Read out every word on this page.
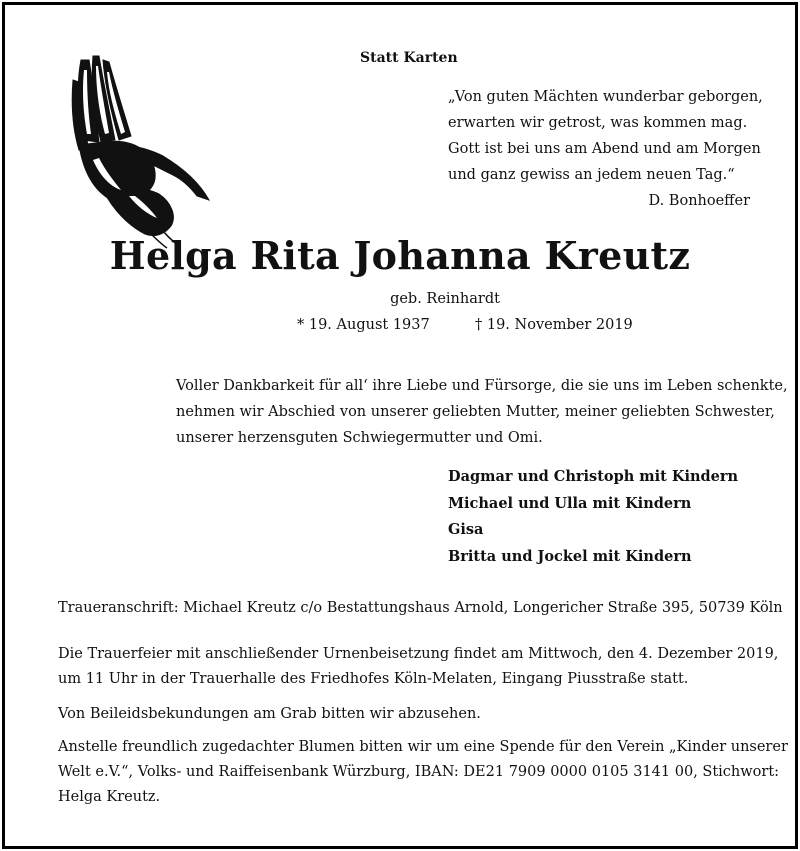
Statt Karten
„Von guten Mächten wunderbar geborgen,
erwarten wir getrost, was kommen mag.
Gott ist bei uns am Abend und am Morgen
und ganz gewiss an jedem neuen Tag.“
D. Bonhoeffer
Helga Rita Johanna Kreutz
geb. Reinhardt
* 19. August 1937	† 19. November 2019
Voller Dankbarkeit für all‘ ihre Liebe und Fürsorge, die sie uns im Leben schenkte,
nehmen wir Abschied von unserer geliebten Mutter, meiner geliebten Schwester,
unserer herzensguten Schwiegermutter und Omi.
Dagmar und Christoph mit Kindern
Michael und Ulla mit Kindern
Gisa
Britta und Jockel mit Kindern
Traueranschrift: Michael Kreutz c/o Bestattungshaus Arnold, Longericher Straße 395, 50739 Köln
Die Trauerfeier mit anschließender Urnenbeisetzung findet am Mittwoch, den 4. Dezember 2019,
um 11 Uhr in der Trauerhalle des Friedhofes Köln-Melaten, Eingang Piusstraße statt.
Von Beileidsbekundungen am Grab bitten wir abzusehen.
Anstelle freundlich zugedachter Blumen bitten wir um eine Spende für den Verein „Kinder unserer
Welt e.V.“, Volks- und Raiffeisenbank Würzburg, IBAN: DE21 7909 0000 0105 3141 00, Stichwort:
Helga Kreutz.
